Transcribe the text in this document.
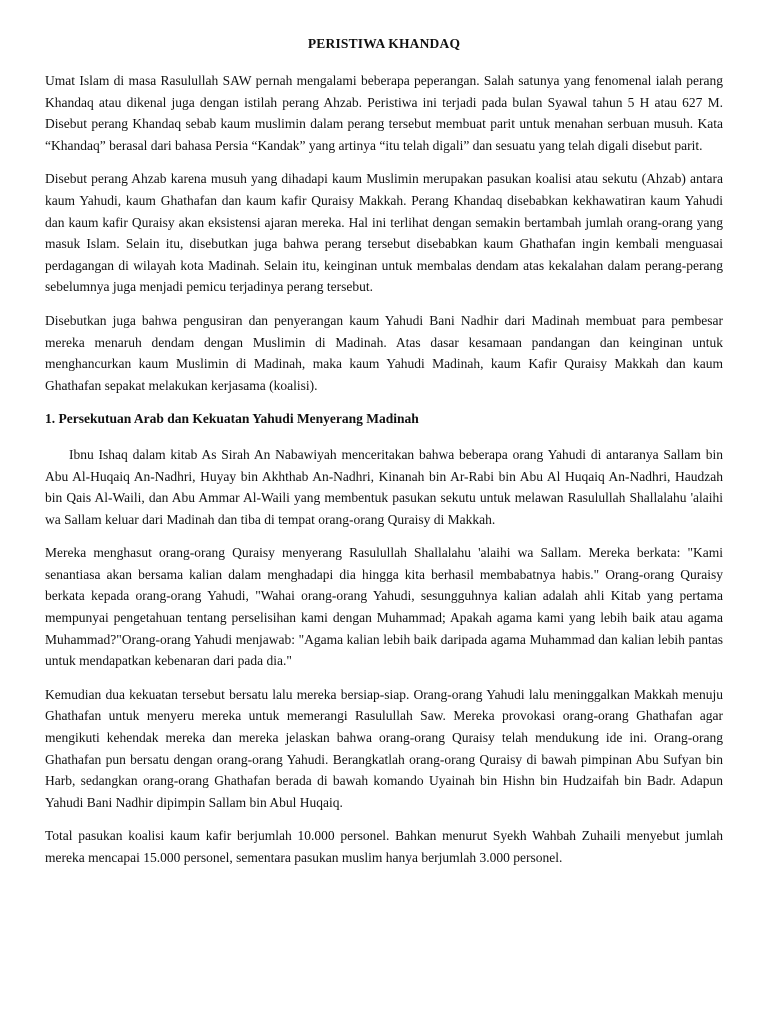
PERISTIWA KHANDAQ

Umat Islam di masa Rasulullah SAW pernah mengalami beberapa peperangan. Salah satunya yang fenomenal ialah perang Khandaq atau dikenal juga dengan istilah perang Ahzab. Peristiwa ini terjadi pada bulan Syawal tahun 5 H atau 627 M. Disebut perang Khandaq sebab kaum muslimin dalam perang tersebut membuat parit untuk menahan serbuan musuh. Kata “Khandaq” berasal dari bahasa Persia “Kandak” yang artinya “itu telah digali” dan sesuatu yang telah digali disebut parit.

Disebut perang Ahzab karena musuh yang dihadapi kaum Muslimin merupakan pasukan koalisi atau sekutu (Ahzab) antara kaum Yahudi, kaum Ghathafan dan kaum kafir Quraisy Makkah. Perang Khandaq disebabkan kekhawatiran kaum Yahudi dan kaum kafir Quraisy akan eksistensi ajaran mereka. Hal ini terlihat dengan semakin bertambah jumlah orang-orang yang masuk Islam. Selain itu, disebutkan juga bahwa perang tersebut disebabkan kaum Ghathafan ingin kembali menguasai perdagangan di wilayah kota Madinah. Selain itu, keinginan untuk membalas dendam atas kekalahan dalam perang-perang sebelumnya juga menjadi pemicu terjadinya perang tersebut.

Disebutkan juga bahwa pengusiran dan penyerangan kaum Yahudi Bani Nadhir dari Madinah membuat para pembesar mereka menaruh dendam dengan Muslimin di Madinah. Atas dasar kesamaan pandangan dan keinginan untuk menghancurkan kaum Muslimin di Madinah, maka kaum Yahudi Madinah, kaum Kafir Quraisy Makkah dan kaum Ghathafan sepakat melakukan kerjasama (koalisi).

1. Persekutuan Arab dan Kekuatan Yahudi Menyerang Madinah

Ibnu Ishaq dalam kitab As Sirah An Nabawiyah menceritakan bahwa beberapa orang Yahudi di antaranya Sallam bin Abu Al-Huqaiq An-Nadhri, Huyay bin Akhthab An-Nadhri, Kinanah bin Ar-Rabi bin Abu Al Huqaiq An-Nadhri, Haudzah bin Qais Al-Waili, dan Abu Ammar Al-Waili yang membentuk pasukan sekutu untuk melawan Rasulullah Shallalahu 'alaihi wa Sallam keluar dari Madinah dan tiba di tempat orang-orang Quraisy di Makkah.

Mereka menghasut orang-orang Quraisy menyerang Rasulullah Shallalahu 'alaihi wa Sallam. Mereka berkata: "Kami senantiasa akan bersama kalian dalam menghadapi dia hingga kita berhasil membabatnya habis." Orang-orang Quraisy berkata kepada orang-orang Yahudi, "Wahai orang-orang Yahudi, sesungguhnya kalian adalah ahli Kitab yang pertama mempunyai pengetahuan tentang perselisihan kami dengan Muhammad; Apakah agama kami yang lebih baik atau agama Muhammad?"Orang-orang Yahudi menjawab: "Agama kalian lebih baik daripada agama Muhammad dan kalian lebih pantas untuk mendapatkan kebenaran dari pada dia."

Kemudian dua kekuatan tersebut bersatu lalu mereka bersiap-siap. Orang-orang Yahudi lalu meninggalkan Makkah menuju Ghathafan untuk menyeru mereka untuk memerangi Rasulullah Saw. Mereka provokasi orang-orang Ghathafan agar mengikuti kehendak mereka dan mereka jelaskan bahwa orang-orang Quraisy telah mendukung ide ini. Orang-orang Ghathafan pun bersatu dengan orang-orang Yahudi. Berangkatlah orang-orang Quraisy di bawah pimpinan Abu Sufyan bin Harb, sedangkan orang-orang Ghathafan berada di bawah komando Uyainah bin Hishn bin Hudzaifah bin Badr. Adapun Yahudi Bani Nadhir dipimpin Sallam bin Abul Huqaiq.

Total pasukan koalisi kaum kafir berjumlah 10.000 personel. Bahkan menurut Syekh Wahbah Zuhaili menyebut jumlah mereka mencapai 15.000 personel, sementara pasukan muslim hanya berjumlah 3.000 personel.
